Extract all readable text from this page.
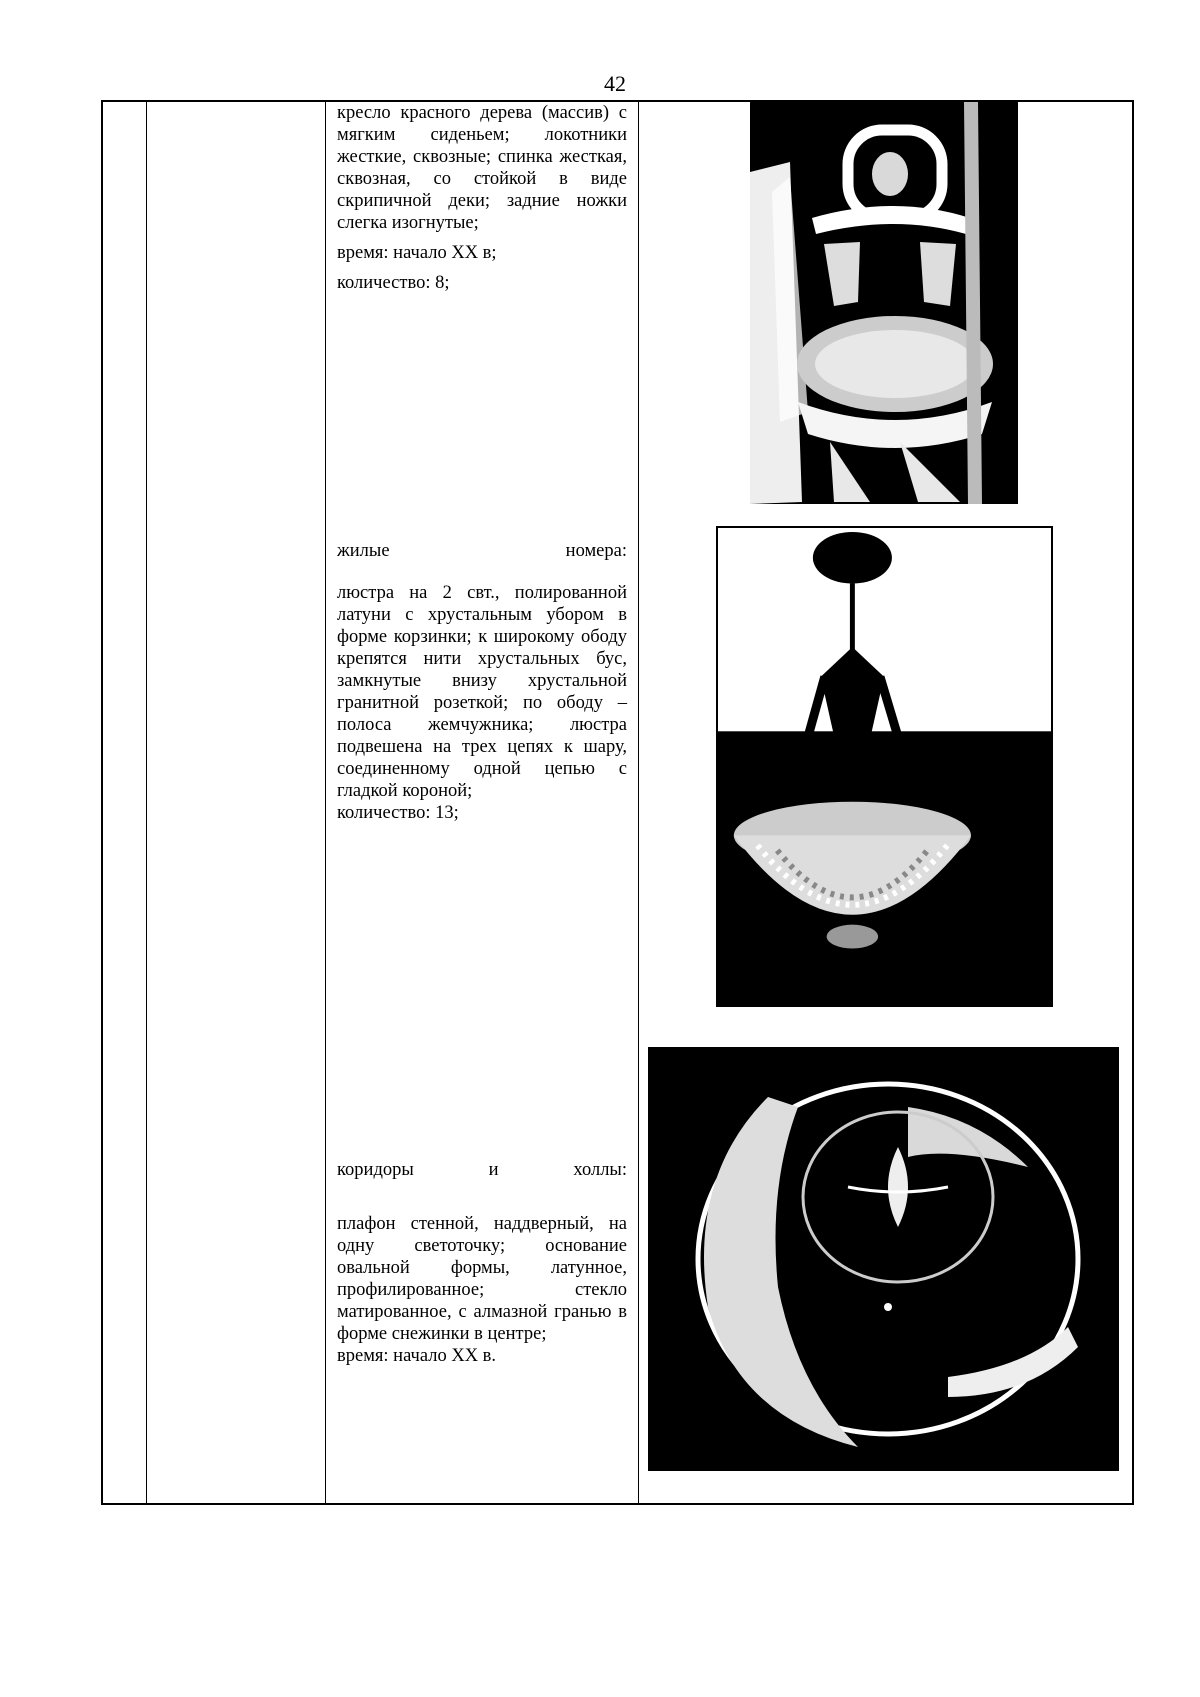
42

кресло красного дерева (массив) с мягким сиденьем; локотники жесткие, сквозные; спинка жесткая, сквозная, со стойкой в виде скрипичной деки; задние ножки слегка изогнутые;

время: начало XX в;

количество: 8;

жилые номера:

люстра на 2 свт., полированной латуни с хрустальным убором в форме корзинки; к широкому ободу крепятся нити хрустальных бус, замкнутые внизу хрустальной гранитной розеткой; по ободу – полоса жемчужника; люстра подвешена на трех цепях к шару, соединенному одной цепью с гладкой короной;

количество: 13;

коридоры и холлы:

плафон стенной, наддверный, на одну светоточку; основание овальной формы, латунное, профилированное; стекло матированное, с алмазной гранью в форме снежинки в центре;

время: начало XX в.
